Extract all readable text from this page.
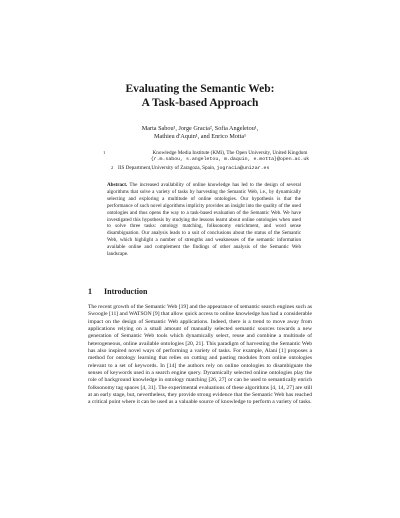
Evaluating the Semantic Web:
A Task-based Approach
Marta Sabou¹, Jorge Gracia², Sofia Angeletou¹,
Mathieu d'Aquin¹, and Enrico Motta¹
1	Knowledge Media Institute (KMi), The Open University, United Kingdom
{r.m.sabou, s.angeletou, m.daquin, e.motta}@open.ac.uk
2 IIS Department,University of Zaragoza, Spain, jogracia@unizar.es
Abstract. The increased availability of online knowledge has led to the design of several algorithms that solve a variety of tasks by harvesting the Semantic Web, i.e., by dynamically selecting and exploring a multitude of online ontologies. Our hypothesis is that the performance of such novel algorithms implicity provides an insight into the quality of the used ontologies and thus opens the way to a task-based evaluation of the Semantic Web. We have investigated this hypothesis by studying the lessons learnt about online ontologies when used to solve three tasks: ontology matching, folksonomy enrichment, and word sense disambiguation. Our analysis leads to a suit of conclusions about the status of the Semantic Web, which highlight a number of strengths and weaknesses of the semantic information available online and complement the findings of other analysis of the Semantic Web landscape.
1 Introduction
The recent growth of the Semantic Web [19] and the appearance of semantic search engines such as Swoogle [11] and WATSON [9] that allow quick access to online knowledge has had a considerable impact on the design of Semantic Web applications. Indeed, there is a trend to move away from applications relying on a small amount of manually selected semantic sources towards a new generation of Semantic Web tools which dynamically select, reuse and combine a multitude of heterogeneous, online available ontologies [20, 21]. This paradigm of harvesting the Semantic Web has also inspired novel ways of performing a variety of tasks. For example, Alani [1] proposes a method for ontology learning that relies on cutting and pasting modules from online ontologies relevant to a set of keywords. In [14] the authors rely on online ontologies to disambiguate the senses of keywords used in a search engine query. Dynamically selected online ontologies play the role of background knowledge in ontology matching [26, 27] or can be used to semantically enrich folksonomy tag spaces [4, 31]. The experimental evaluations of these algorithms [4, 14, 27] are still at an early stage, but, nevertheless, they provide strong evidence that the Semantic Web has reached a critical point where it can be used as a valuable source of knowledge to perform a variety of tasks.
